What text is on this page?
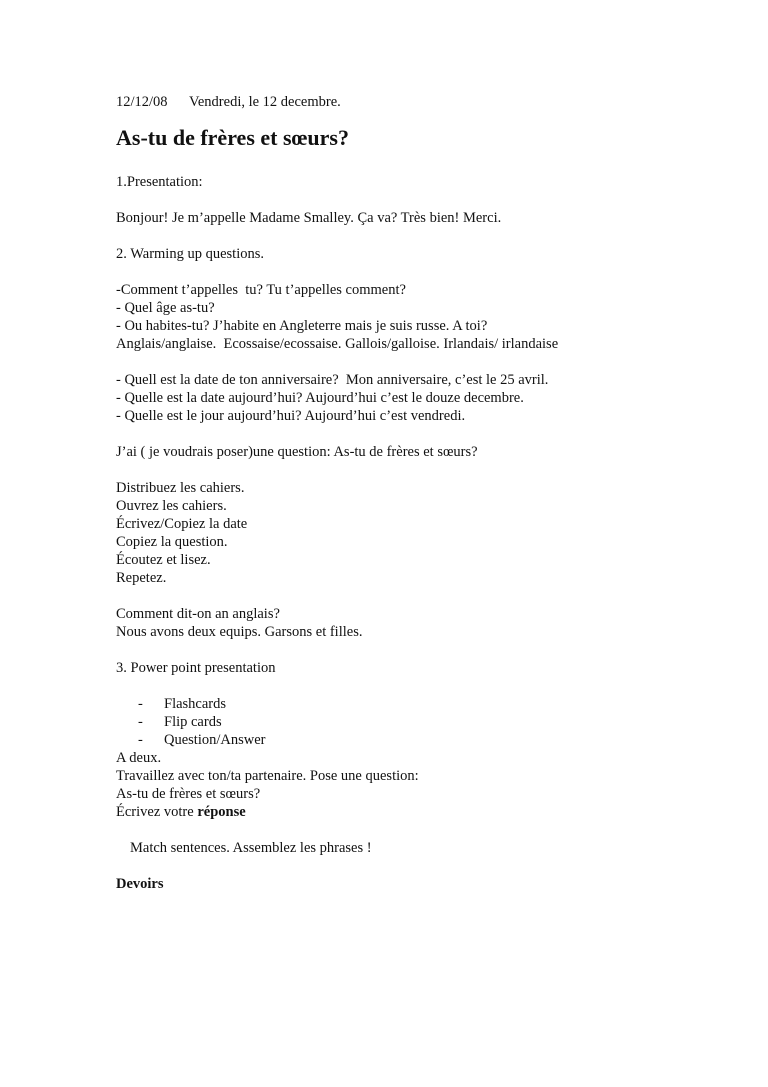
12/12/08	Vendredi, le 12 decembre.
As-tu de frères et sœurs?
1.Presentation:
Bonjour! Je m’appelle Madame Smalley. Ça va? Très bien! Merci.
2. Warming up questions.
-Comment t’appelles  tu? Tu t’appelles comment?
- Quel âge as-tu?
- Ou habites-tu? J’habite en Angleterre mais je suis russe. A toi?
Anglais/anglaise.  Ecossaise/ecossaise. Gallois/galloise. Irlandais/ irlandaise
- Quell est la date de ton anniversaire?  Mon anniversaire, c’est le 25 avril.
- Quelle est la date aujourd’hui? Aujourd’hui c’est le douze decembre.
- Quelle est le jour aujourd’hui? Aujourd’hui c’est vendredi.
J’ai ( je voudrais poser)une question: As-tu de frères et sœurs?
Distribuez les cahiers.
Ouvrez les cahiers.
Écrivez/Copiez la date
Copiez la question.
Écoutez et lisez.
Repetez.
Comment dit-on an anglais?
Nous avons deux equips. Garsons et filles.
3. Power point presentation
-	Flashcards
-	Flip cards
-	Question/Answer
A deux.
Travaillez avec ton/ta partenaire. Pose une question:
As-tu de frères et sœurs?
Écrivez votre réponse
Match sentences. Assemblez les phrases !
Devoirs
